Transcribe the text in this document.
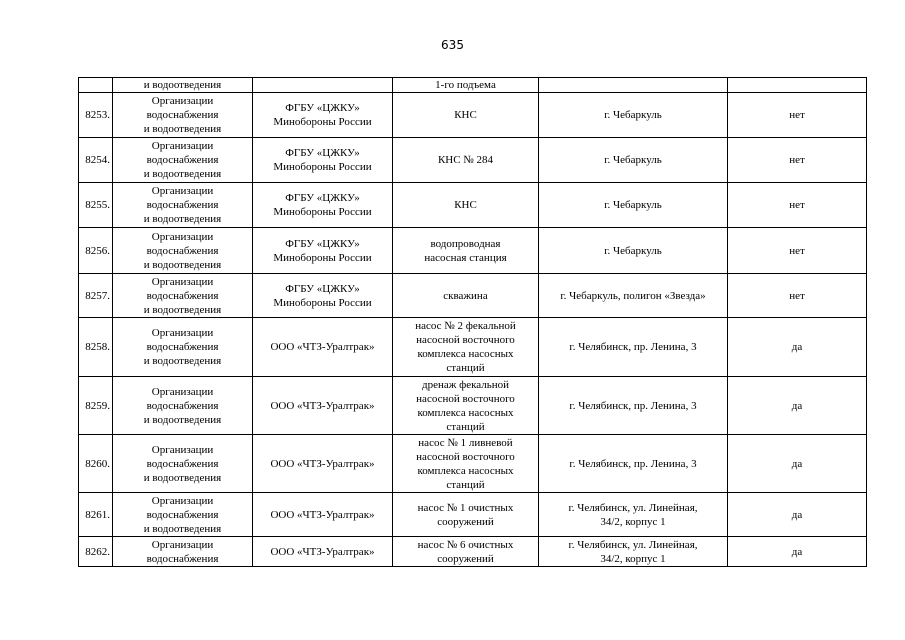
635
	и водоотведения		1-го подъема		
8253.	Организации
водоснабжения
и водоотведения	ФГБУ «ЦЖКУ»
Минобороны России	КНС	г. Чебаркуль	нет
8254.	Организации
водоснабжения
и водоотведения	ФГБУ «ЦЖКУ»
Минобороны России	КНС № 284	г. Чебаркуль	нет
8255.	Организации
водоснабжения
и водоотведения	ФГБУ «ЦЖКУ»
Минобороны России	КНС	г. Чебаркуль	нет
8256.	Организации
водоснабжения
и водоотведения	ФГБУ «ЦЖКУ»
Минобороны России	водопроводная
насосная станция	г. Чебаркуль	нет
8257.	Организации
водоснабжения
и водоотведения	ФГБУ «ЦЖКУ»
Минобороны России	скважина	г. Чебаркуль, полигон «Звезда»	нет
8258.	Организации
водоснабжения
и водоотведения	ООО «ЧТЗ-Уралтрак»	насос № 2 фекальной
насосной восточного
комплекса насосных
станций	г. Челябинск, пр. Ленина, 3	да
8259.	Организации
водоснабжения
и водоотведения	ООО «ЧТЗ-Уралтрак»	дренаж фекальной
насосной восточного
комплекса насосных
станций	г. Челябинск, пр. Ленина, 3	да
8260.	Организации
водоснабжения
и водоотведения	ООО «ЧТЗ-Уралтрак»	насос № 1 ливневой
насосной восточного
комплекса насосных
станций	г. Челябинск, пр. Ленина, 3	да
8261.	Организации
водоснабжения
и водоотведения	ООО «ЧТЗ-Уралтрак»	насос № 1 очистных
сооружений	г. Челябинск, ул. Линейная,
34/2, корпус 1	да
8262.	Организации
водоснабжения	ООО «ЧТЗ-Уралтрак»	насос № 6 очистных
сооружений	г. Челябинск, ул. Линейная,
34/2, корпус 1	да
